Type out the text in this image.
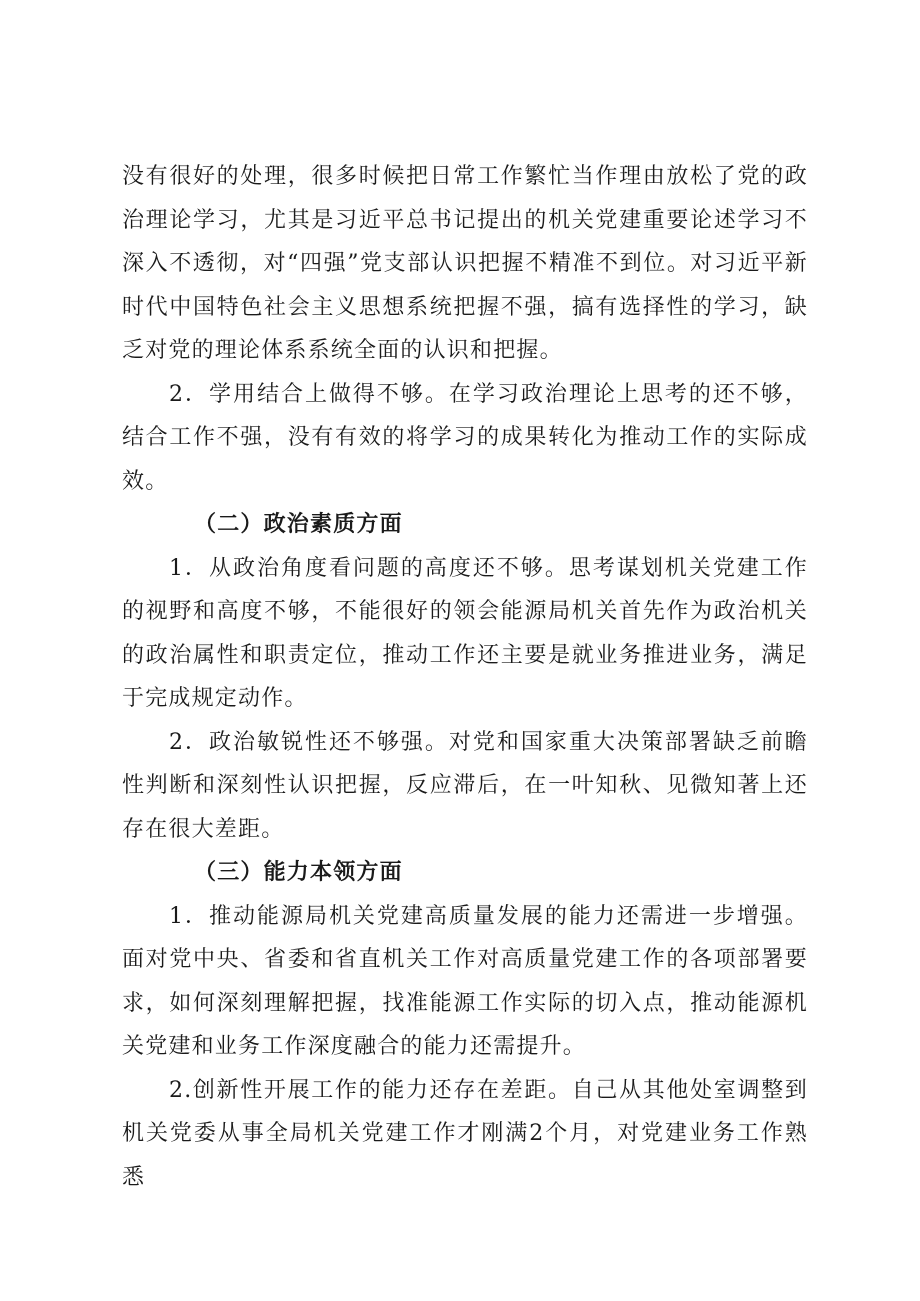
没有很好的处理，很多时候把日常工作繁忙当作理由放松了党的政治理论学习，尤其是习近平总书记提出的机关党建重要论述学习不深入不透彻，对“四强”党支部认识把握不精准不到位。对习近平新时代中国特色社会主义思想系统把握不强，搞有选择性的学习，缺乏对党的理论体系系统全面的认识和把握。

2．学用结合上做得不够。在学习政治理论上思考的还不够，结合工作不强，没有有效的将学习的成果转化为推动工作的实际成效。

（二）政治素质方面

1．从政治角度看问题的高度还不够。思考谋划机关党建工作的视野和高度不够，不能很好的领会能源局机关首先作为政治机关的政治属性和职责定位，推动工作还主要是就业务推进业务，满足于完成规定动作。

2．政治敏锐性还不够强。对党和国家重大决策部署缺乏前瞻性判断和深刻性认识把握，反应滞后，在一叶知秋、见微知著上还存在很大差距。

（三）能力本领方面

1．推动能源局机关党建高质量发展的能力还需进一步增强。面对党中央、省委和省直机关工作对高质量党建工作的各项部署要求，如何深刻理解把握，找准能源工作实际的切入点，推动能源机关党建和业务工作深度融合的能力还需提升。

2.创新性开展工作的能力还存在差距。自己从其他处室调整到机关党委从事全局机关党建工作才刚满2个月，对党建业务工作熟悉
